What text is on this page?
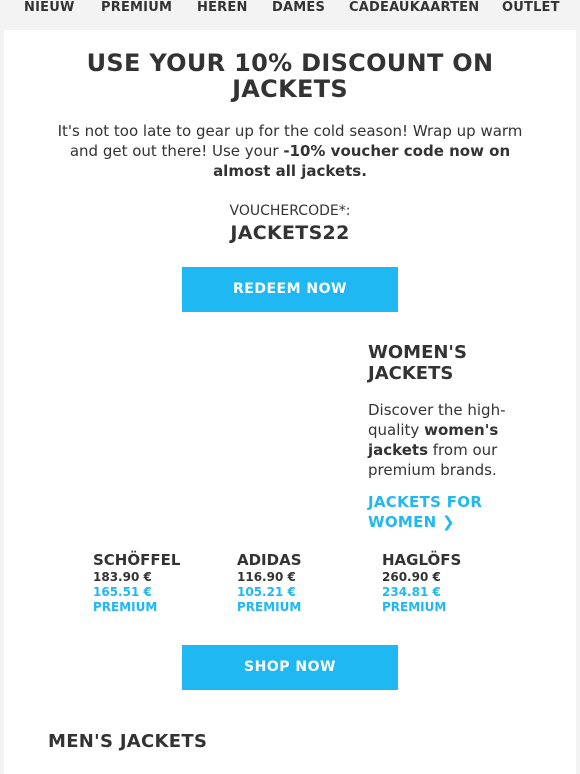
NIEUW PREMIUM HEREN DAMES CADEAUKAARTEN OUTLET
USE YOUR 10% DISCOUNT ON
JACKETS
It's not too late to gear up for the cold season! Wrap up warm and get out there! Use your -10% voucher code now on almost all jackets.
VOUCHERCODE*:
JACKETS22
REDEEM NOW
WOMEN'S
JACKETS
Discover the high-quality women's jackets from our premium brands.
JACKETS FOR
WOMEN ❯
SCHÖFFEL
183.90 €
165.51 €
PREMIUM
ADIDAS
116.90 €
105.21 €
PREMIUM
HAGLÖFS
260.90 €
234.81 €
PREMIUM
SHOP NOW
MEN'S JACKETS
